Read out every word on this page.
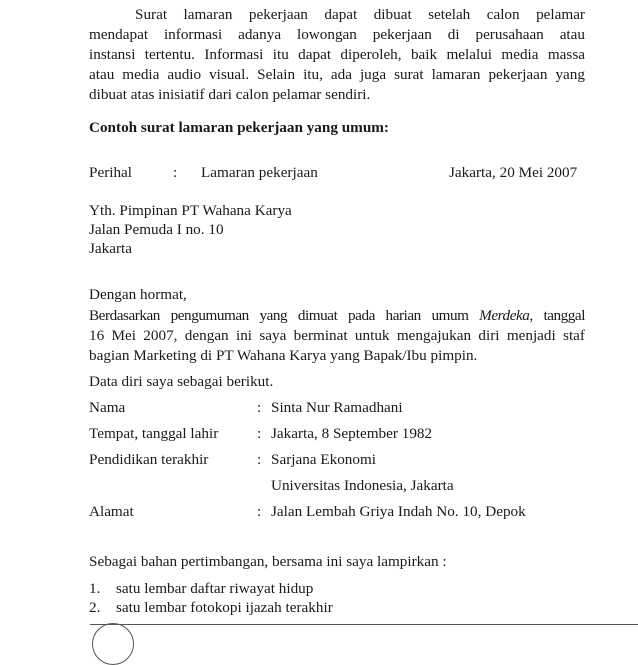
Surat lamaran pekerjaan dapat dibuat setelah calon pelamar
mendapat informasi adanya lowongan pekerjaan di perusahaan atau
instansi tertentu. Informasi itu dapat diperoleh, baik melalui media massa
atau media audio visual. Selain itu, ada juga surat lamaran pekerjaan yang
dibuat atas inisiatif dari calon pelamar sendiri.
Contoh surat lamaran pekerjaan yang umum:
Perihal	: Lamaran pekerjaan	Jakarta, 20 Mei 2007
Yth. Pimpinan PT Wahana Karya
Jalan Pemuda I no. 10
Jakarta
Dengan hormat,
Berdasarkan pengumuman yang dimuat pada harian umum Merdeka, tanggal
16 Mei 2007, dengan ini saya berminat untuk mengajukan diri menjadi staf
bagian Marketing di PT Wahana Karya yang Bapak/Ibu pimpin.
Data diri saya sebagai berikut.
Nama	: Sinta Nur Ramadhani
Tempat, tanggal lahir	: Jakarta, 8 September 1982
Pendidikan terakhir	: Sarjana Ekonomi
Universitas Indonesia, Jakarta
Alamat	: Jalan Lembah Griya Indah No. 10, Depok
Sebagai bahan pertimbangan, bersama ini saya lampirkan :
1. satu lembar daftar riwayat hidup
2. satu lembar fotokopi ijazah terakhir
